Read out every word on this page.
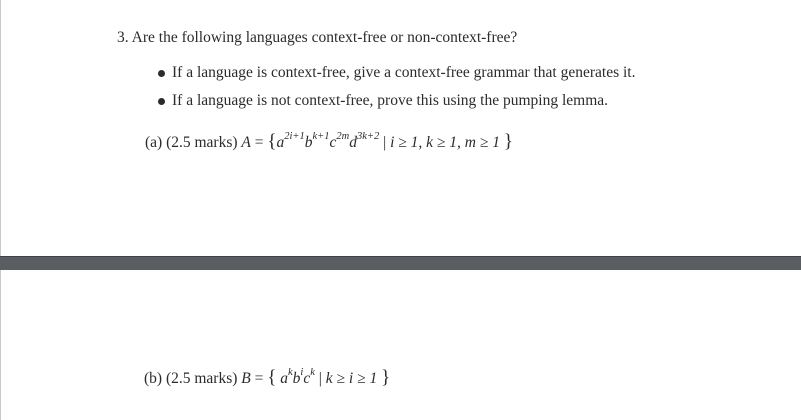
3. Are the following languages context-free or non-context-free?
If a language is context-free, give a context-free grammar that generates it.
If a language is not context-free, prove this using the pumping lemma.
(a) (2.5 marks) $A = \{a^{2i+1}b^{k+1}c^{2m}d^{3k+2}$ | i ≥ 1, k ≥ 1, m ≥ 1 }
(b) (2.5 marks) B = { $a^kb^ic^k$ | k ≥ i ≥ 1 }
